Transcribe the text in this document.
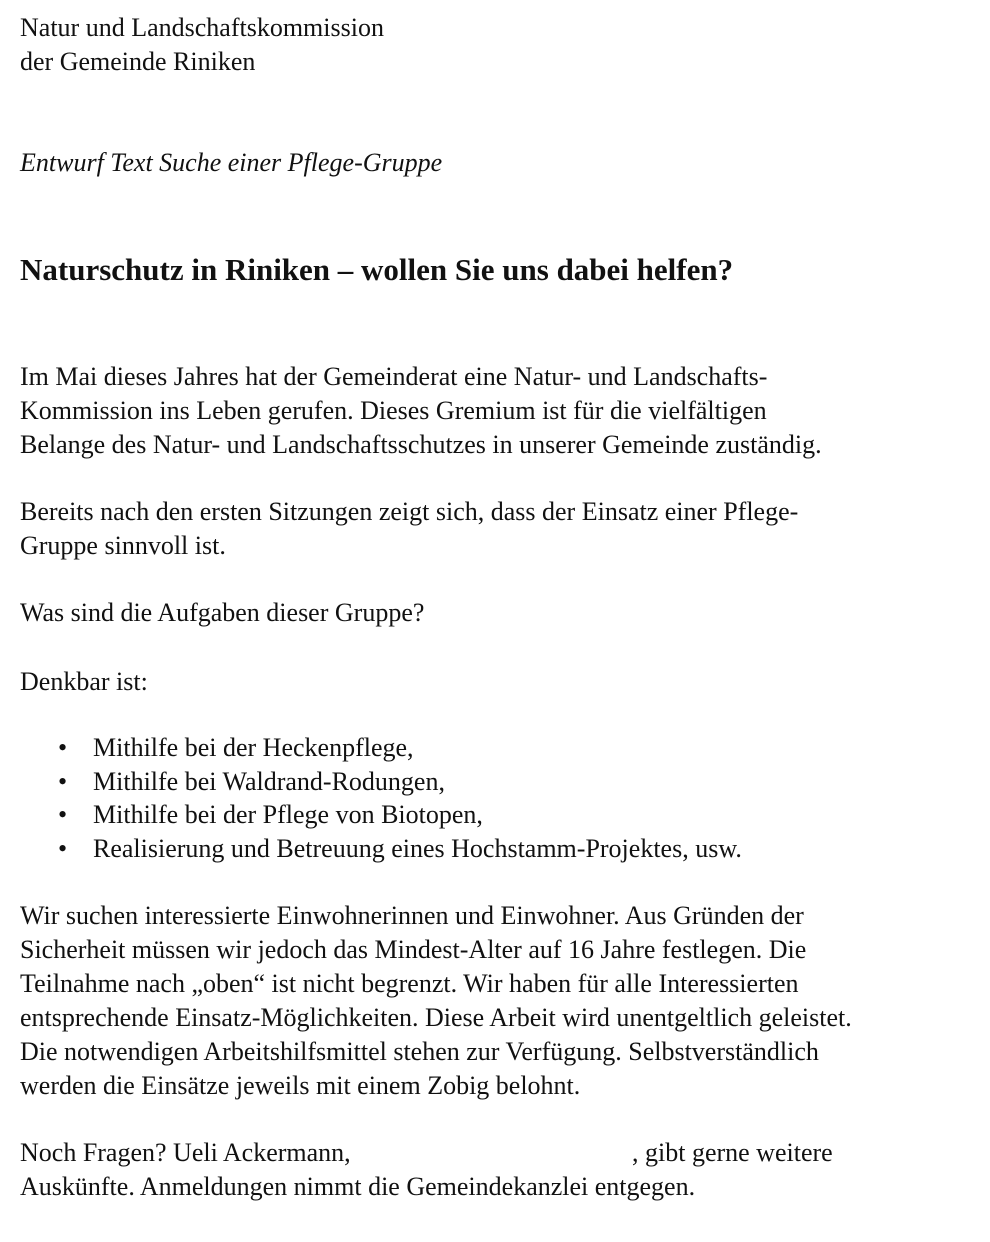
Natur und Landschaftskommission
der Gemeinde Riniken
Entwurf Text Suche einer Pflege-Gruppe
Naturschutz in Riniken – wollen Sie uns dabei helfen?
Im Mai dieses Jahres hat der Gemeinderat eine Natur- und Landschafts-
Kommission ins Leben gerufen. Dieses Gremium ist für die vielfältigen
Belange des Natur- und Landschaftsschutzes in unserer Gemeinde zuständig.
Bereits nach den ersten Sitzungen zeigt sich, dass der Einsatz einer Pflege-
Gruppe sinnvoll ist.
Was sind die Aufgaben dieser Gruppe?
Denkbar ist:
• Mithilfe bei der Heckenpflege,
• Mithilfe bei Waldrand-Rodungen,
• Mithilfe bei der Pflege von Biotopen,
• Realisierung und Betreuung eines Hochstamm-Projektes, usw.
Wir suchen interessierte Einwohnerinnen und Einwohner. Aus Gründen der
Sicherheit müssen wir jedoch das Mindest-Alter auf 16 Jahre festlegen. Die
Teilnahme nach „oben“ ist nicht begrenzt. Wir haben für alle Interessierten
entsprechende Einsatz-Möglichkeiten. Diese Arbeit wird unentgeltlich geleistet.
Die notwendigen Arbeitshilfsmittel stehen zur Verfügung. Selbstverständlich
werden die Einsätze jeweils mit einem Zobig belohnt.
Noch Fragen? Ueli Ackermann,	, gibt gerne weitere
Auskünfte. Anmeldungen nimmt die Gemeindekanzlei entgegen.
